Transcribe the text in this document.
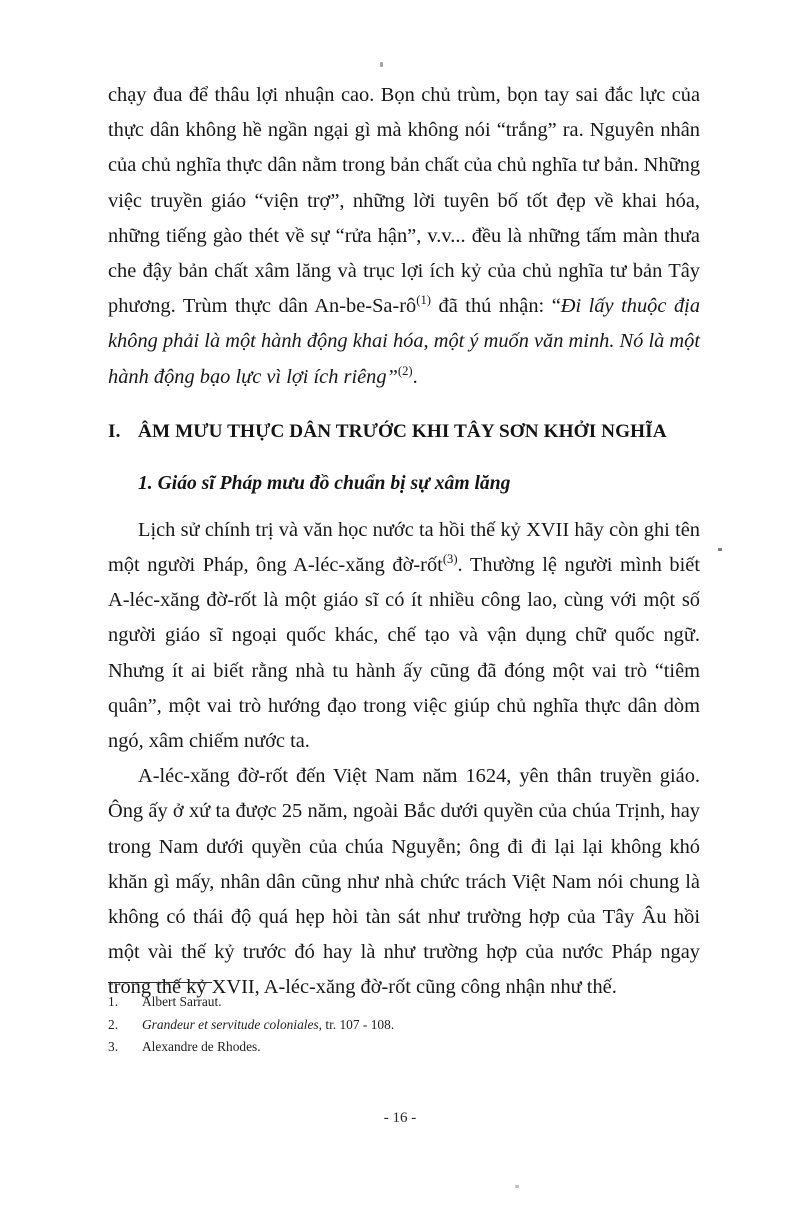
chạy đua để thâu lợi nhuận cao. Bọn chủ trùm, bọn tay sai đắc lực của thực dân không hề ngần ngại gì mà không nói “trắng” ra. Nguyên nhân của chủ nghĩa thực dân nằm trong bản chất của chủ nghĩa tư bản. Những việc truyền giáo “viện trợ”, những lời tuyên bố tốt đẹp về khai hóa, những tiếng gào thét về sự “rửa hận”, v.v... đều là những tấm màn thưa che đậy bản chất xâm lăng và trục lợi ích kỷ của chủ nghĩa tư bản Tây phương. Trùm thực dân An-be-Sa-rô$^{(1)}$ đã thú nhận: “Đi lấy thuộc địa không phải là một hành động khai hóa, một ý muốn văn minh. Nó là một hành động bạo lực vì lợi ích riêng”$^{(2)}$.

I. ÂM MƯU THỰC DÂN TRƯỚC KHI TÂY SƠN KHỞI NGHĨA
1. Giáo sĩ Pháp mưu đồ chuẩn bị sự xâm lăng

Lịch sử chính trị và văn học nước ta hồi thế kỷ XVII hãy còn ghi tên một người Pháp, ông A-léc-xăng đờ-rốt$^{(3)}$. Thường lệ người mình biết A-léc-xăng đờ-rốt là một giáo sĩ có ít nhiều công lao, cùng với một số người giáo sĩ ngoại quốc khác, chế tạo và vận dụng chữ quốc ngữ. Nhưng ít ai biết rằng nhà tu hành ấy cũng đã đóng một vai trò “tiêm quân”, một vai trò hướng đạo trong việc giúp chủ nghĩa thực dân dòm ngó, xâm chiếm nước ta.

A-léc-xăng đờ-rốt đến Việt Nam năm 1624, yên thân truyền giáo. Ông ấy ở xứ ta được 25 năm, ngoài Bắc dưới quyền của chúa Trịnh, hay trong Nam dưới quyền của chúa Nguyễn; ông đi đi lại lại không khó khăn gì mấy, nhân dân cũng như nhà chức trách Việt Nam nói chung là không có thái độ quá hẹp hòi tàn sát như trường hợp của Tây Âu hồi một vài thế kỷ trước đó hay là như trường hợp của nước Pháp ngay trong thế kỷ XVII, A-léc-xăng đờ-rốt cũng công nhận như thế.

1.	Albert Sarraut.
2.	Grandeur et servitude coloniales, tr. 107 - 108.
3.	Alexandre de Rhodes.
- 16 -
